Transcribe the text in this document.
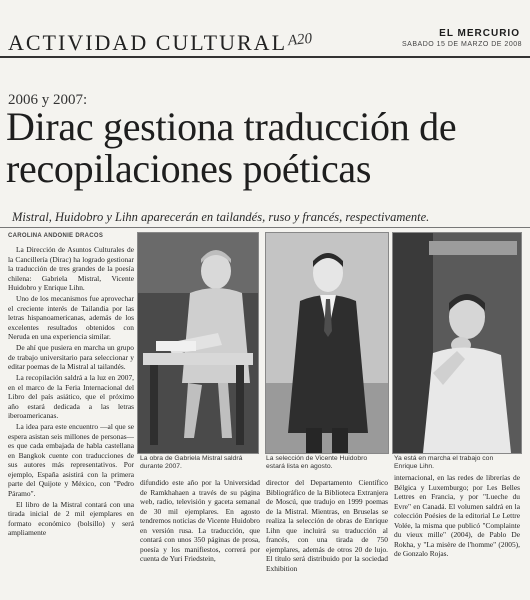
ACTIVIDAD CULTURAL A20	EL MERCURIO
SABADO 15 DE MARZO DE 2008
2006 y 2007:
Dirac gestiona traducción de recopilaciones poéticas
Mistral, Huidobro y Lihn aparecerán en tailandés, ruso y francés, respectivamente.
CAROLINA ANDONIE DRACOS

La Dirección de Asuntos Culturales de la Cancillería (Dirac) ha logrado gestionar la traducción de tres grandes de la poesía chilena: Gabriela Mistral, Vicente Huidobro y Enrique Lihn.

Uno de los mecanismos fue aprovechar el creciente interés de Tailandia por las letras hispanoamericanas, además de los excelentes resultados obtenidos con Neruda en una experiencia similar.

De ahí que pusiera en marcha un grupo de trabajo universitario para seleccionar y editar poemas de la Mistral al tailandés.

La recopilación saldrá a la luz en 2007, en el marco de la Feria Internacional del Libro del país asiático, que el próximo año estará dedicada a las letras iberoamericanas.

La idea para este encuentro —al que se espera asistan seis millones de personas— es que cada embajada de habla castellana en Bangkok cuente con traducciones de sus autores más representativos. Por ejemplo, España asistirá con la primera parte del Quijote y México, con "Pedro Páramo".

El libro de la Mistral contará con una tirada inicial de 2 mil ejemplares en formato económico (bolsillo) y será ampliamente

La obra de Gabriela Mistral saldrá durante 2007.
La selección de Vicente Huidobro estará lista en agosto.
Ya está en marcha el trabajo con Enrique Lihn.

difundido este año por la Universidad de Ramkhahaen a través de su página web, radio, televisión y gaceta semanal de 30 mil ejemplares. En agosto tendremos noticias de Vicente Huidobro en versión rusa. La traducción, que contará con unos 350 páginas de prosa, poesía y los manifiestos, correrá por cuenta de Yuri Friedstein,

director del Departamento Científico Bibliográfico de la Biblioteca Extranjera de Moscú, que tradujo en 1999 poemas de la Mistral. Mientras, en Bruselas se realiza la selección de obras de Enrique Lihn que incluirá su traducción al francés, con una tirada de 750 ejemplares, además de otros 20 de lujo. El título será distribuido por la sociedad Exhibition

internacional, en las redes de librerías de Bélgica y Luxemburgo; por Les Belles Lettres en Francia, y por "Lueche du Evre" en Canadá. El volumen saldrá en la colección Poésies de la editorial Le Lettre Volée, la misma que publicó "Complainte du vieux mille" (2004), de Pablo De Rokha, y "La misère de l'homme" (2005), de Gonzalo Rojas.
